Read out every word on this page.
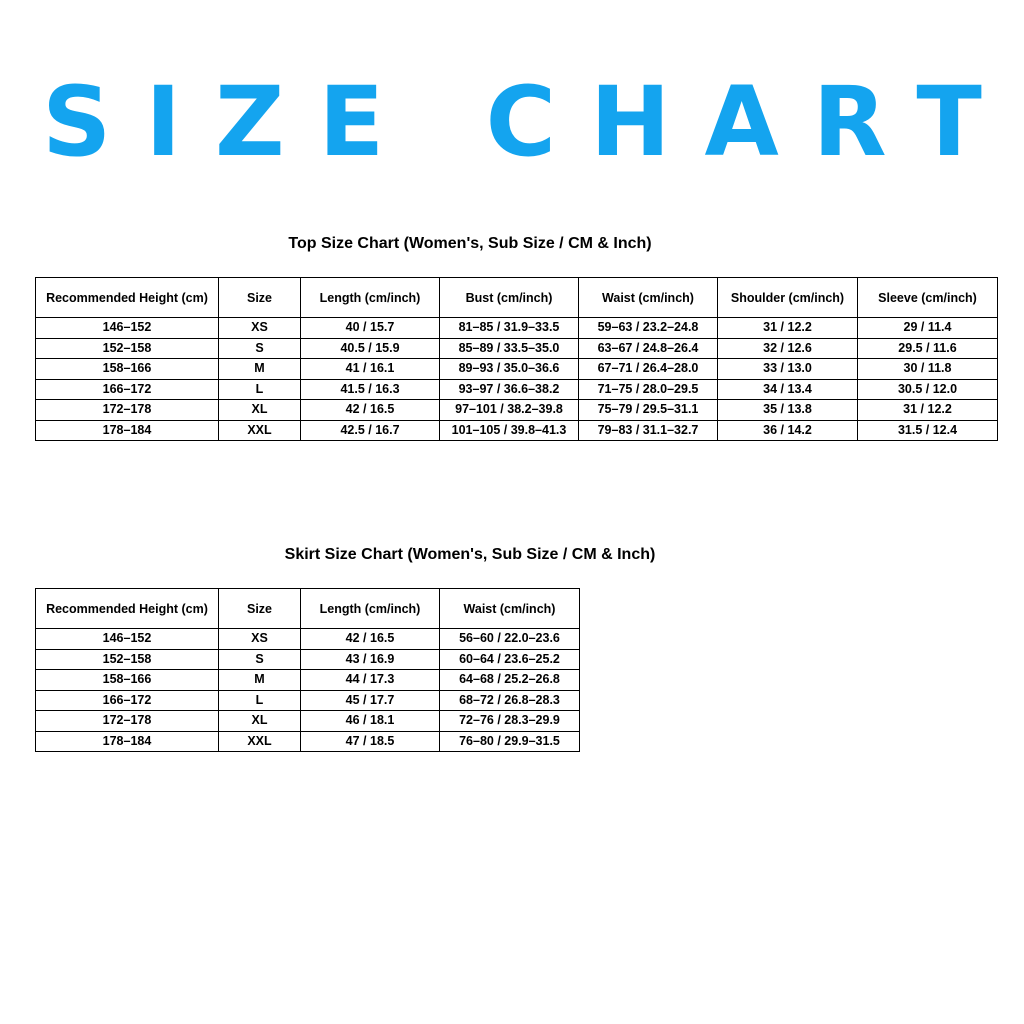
SIZE CHART
Top Size Chart (Women's, Sub Size / CM & Inch)
Recommended Height (cm)	Size	Length (cm/inch)	Bust (cm/inch)	Waist (cm/inch)	Shoulder (cm/inch)	Sleeve (cm/inch)
146–152	XS	40 / 15.7	81–85 / 31.9–33.5	59–63 / 23.2–24.8	31 / 12.2	29 / 11.4
152–158	S	40.5 / 15.9	85–89 / 33.5–35.0	63–67 / 24.8–26.4	32 / 12.6	29.5 / 11.6
158–166	M	41 / 16.1	89–93 / 35.0–36.6	67–71 / 26.4–28.0	33 / 13.0	30 / 11.8
166–172	L	41.5 / 16.3	93–97 / 36.6–38.2	71–75 / 28.0–29.5	34 / 13.4	30.5 / 12.0
172–178	XL	42 / 16.5	97–101 / 38.2–39.8	75–79 / 29.5–31.1	35 / 13.8	31 / 12.2
178–184	XXL	42.5 / 16.7	101–105 / 39.8–41.3	79–83 / 31.1–32.7	36 / 14.2	31.5 / 12.4
Skirt Size Chart (Women's, Sub Size / CM & Inch)
Recommended Height (cm)	Size	Length (cm/inch)	Waist (cm/inch)
146–152	XS	42 / 16.5	56–60 / 22.0–23.6
152–158	S	43 / 16.9	60–64 / 23.6–25.2
158–166	M	44 / 17.3	64–68 / 25.2–26.8
166–172	L	45 / 17.7	68–72 / 26.8–28.3
172–178	XL	46 / 18.1	72–76 / 28.3–29.9
178–184	XXL	47 / 18.5	76–80 / 29.9–31.5
